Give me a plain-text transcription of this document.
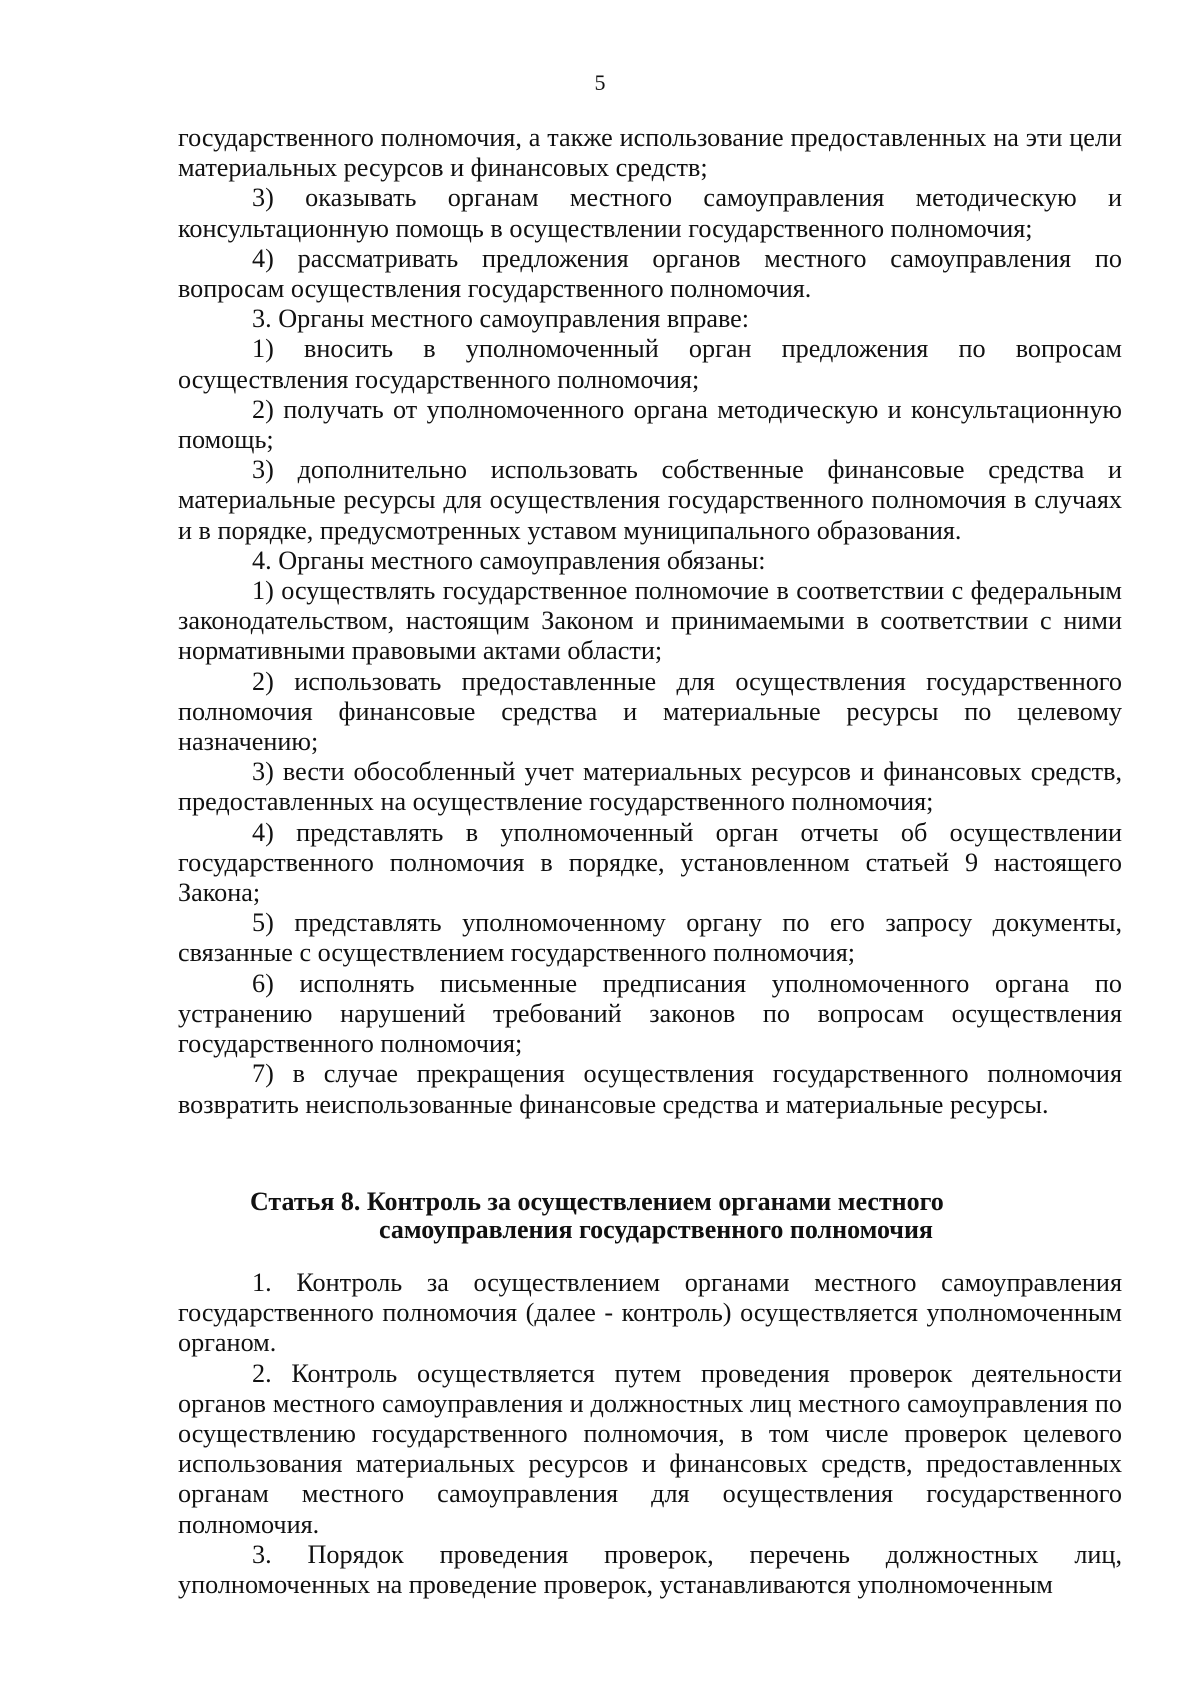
5

государственного полномочия, а также использование предоставленных на эти цели материальных ресурсов и финансовых средств;

3) оказывать органам местного самоуправления методическую и консультационную помощь в осуществлении государственного полномочия;

4) рассматривать предложения органов местного самоуправления по вопросам осуществления государственного полномочия.

3. Органы местного самоуправления вправе:

1) вносить в уполномоченный орган предложения по вопросам осуществления государственного полномочия;

2) получать от уполномоченного органа методическую и консультационную помощь;

3) дополнительно использовать собственные финансовые средства и материальные ресурсы для осуществления государственного полномочия в случаях и в порядке, предусмотренных уставом муниципального образования.

4. Органы местного самоуправления обязаны:

1) осуществлять государственное полномочие в соответствии с федеральным законодательством, настоящим Законом и принимаемыми в соответствии с ними нормативными правовыми актами области;

2) использовать предоставленные для осуществления государственного полномочия финансовые средства и материальные ресурсы по целевому назначению;

3) вести обособленный учет материальных ресурсов и финансовых средств, предоставленных на осуществление государственного полномочия;

4) представлять в уполномоченный орган отчеты об осуществлении государственного полномочия в порядке, установленном статьей 9 настоящего Закона;

5) представлять уполномоченному органу по его запросу документы, связанные с осуществлением государственного полномочия;

6) исполнять письменные предписания уполномоченного органа по устранению нарушений требований законов по вопросам осуществления государственного полномочия;

7) в случае прекращения осуществления государственного полномочия возвратить неиспользованные финансовые средства и материальные ресурсы.

Статья 8. Контроль за осуществлением органами местного
самоуправления государственного полномочия

1. Контроль за осуществлением органами местного самоуправления государственного полномочия (далее - контроль) осуществляется уполномоченным органом.

2. Контроль осуществляется путем проведения проверок деятельности органов местного самоуправления и должностных лиц местного самоуправления по осуществлению государственного полномочия, в том числе проверок целевого использования материальных ресурсов и финансовых средств, предоставленных органам местного самоуправления для осуществления государственного полномочия.

3. Порядок проведения проверок, перечень должностных лиц, уполномоченных на проведение проверок, устанавливаются уполномоченным
